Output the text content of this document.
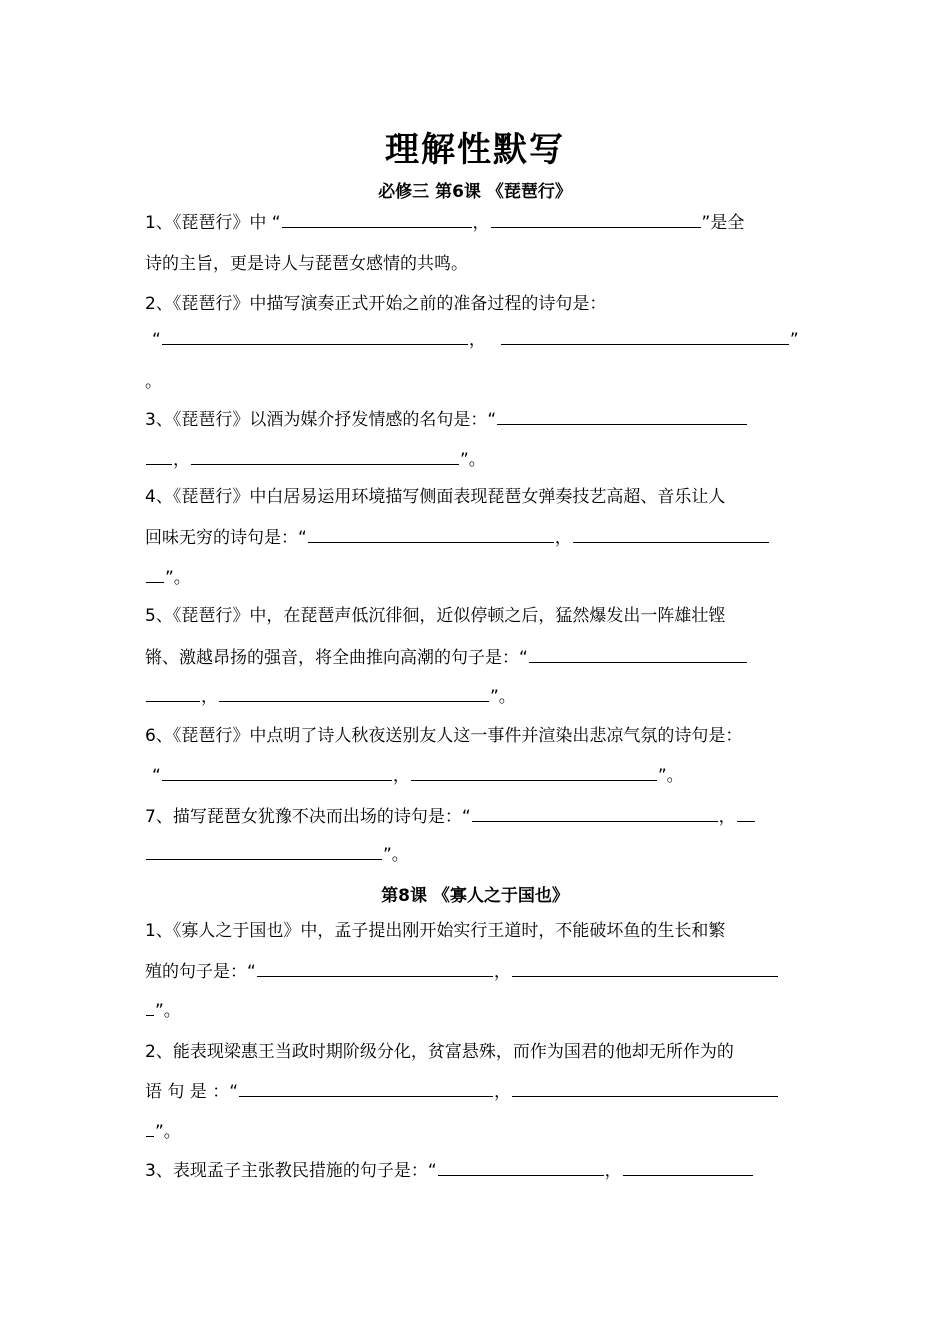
理解性默写
必修三 第6课 《琵琶行》
1、《琵琶行》中 “	，	”是全
诗的主旨，更是诗人与琵琶女感情的共鸣。
2、《琵琶行》中描写演奏正式开始之前的准备过程的诗句是：
“	，	”
。
3、《琵琶行》以酒为媒介抒发情感的名句是：“
，	”。
4、《琵琶行》中白居易运用环境描写侧面表现琵琶女弹奏技艺高超、音乐让人
回味无穷的诗句是：“	，
”。
5、《琵琶行》中，在琵琶声低沉徘徊，近似停顿之后，猛然爆发出一阵雄壮铿
锵、激越昂扬的强音，将全曲推向高潮的句子是：“
，	”。
6、《琵琶行》中点明了诗人秋夜送别友人这一事件并渲染出悲凉气氛的诗句是：
“	，	”。
7、描写琵琶女犹豫不决而出场的诗句是：“	，
”。
第8课 《寡人之于国也》
1、《寡人之于国也》中，孟子提出刚开始实行王道时，不能破坏鱼的生长和繁
殖的句子是：“	，
”。
2、能表现梁惠王当政时期阶级分化，贫富悬殊，而作为国君的他却无所作为的
语 句 是 ：“	，
”。
3、表现孟子主张教民措施的句子是：“	，
